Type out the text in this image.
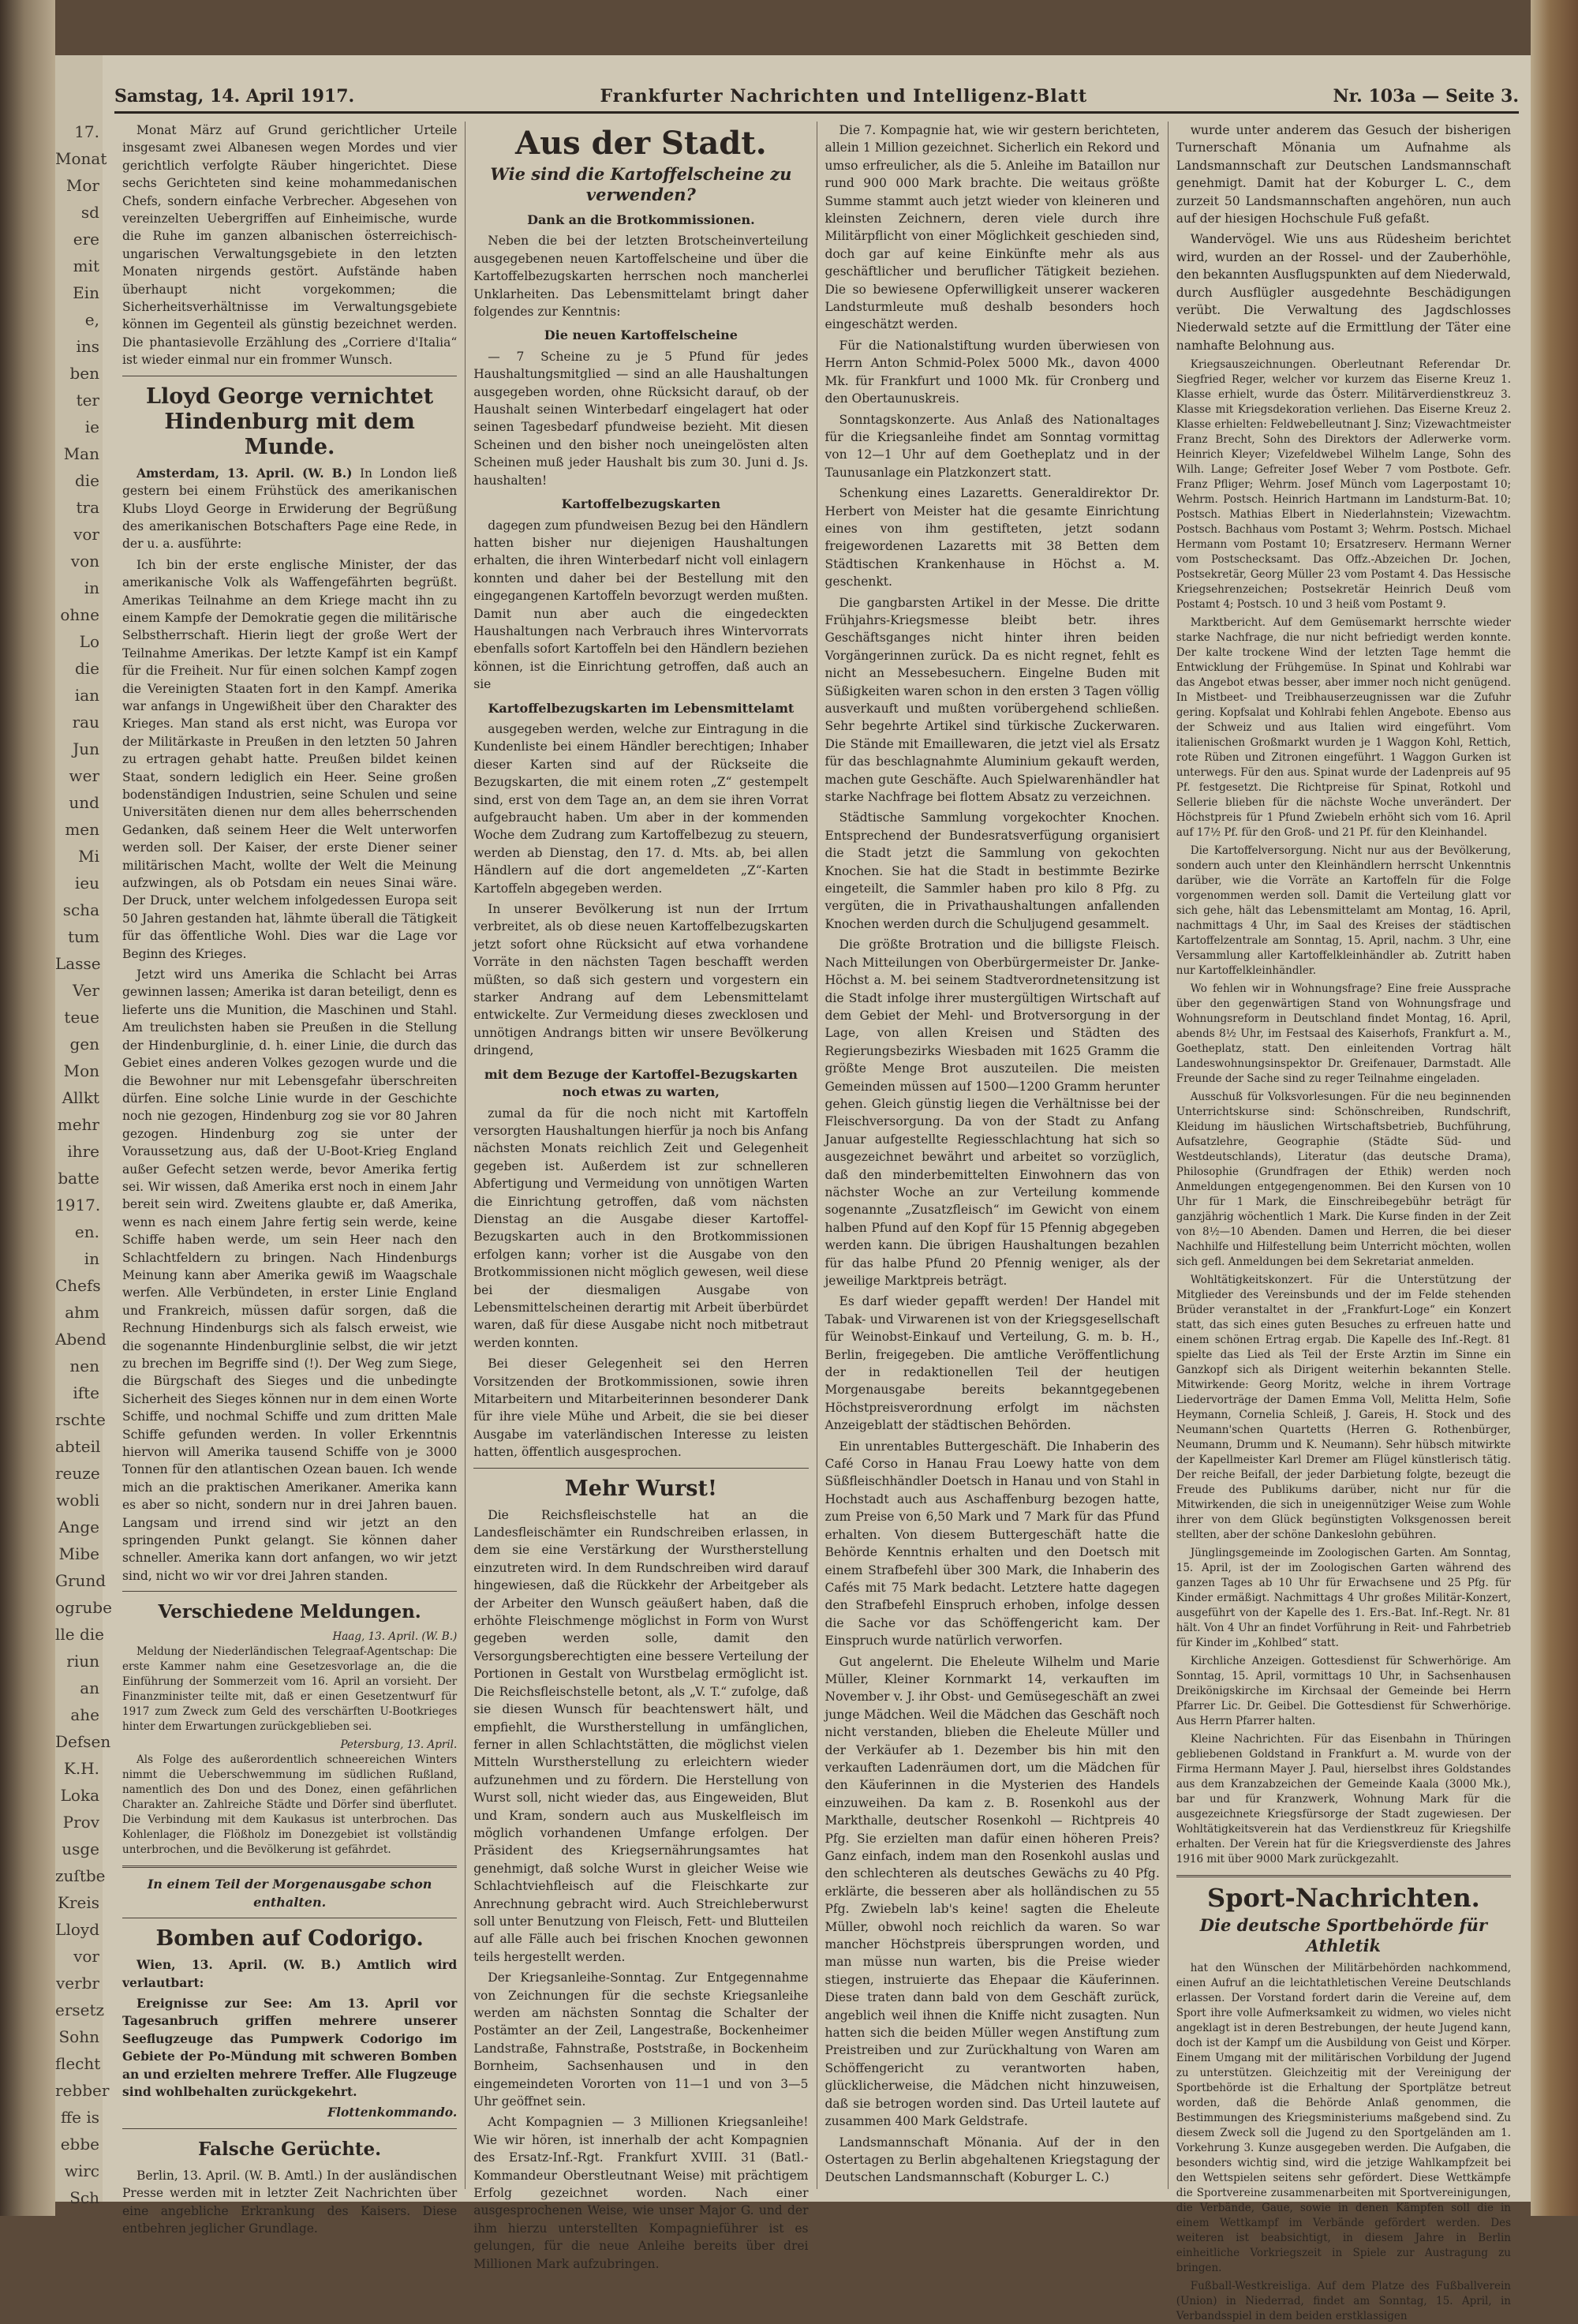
17.
Monat
Mor
sd
ere
mit
Ein
e,
ins
ben
ter
ie
Man
die
tra
vor
von
in
ohne
Lo
die
ian
rau
Jun
wer
und
men
Mi
ieu
scha
tum
Lasse
Ver
teue
gen
Mon
Allkt
mehr
ihre
batte
1917.
en.
in
Chefs
ahm
Abend
nen
ifte
rschte
abteil
reuze
wobli
Ange
Mibe
Grund
ogrube
lle die
riun
an
ahe
Defsen
K.H.
Loka
Prov
usge
zuſtbe
Kreis
Lloyd
vor
verbr
ersetz
Sohn
flecht
rebber
ffe is
ebbe
wirc
Sch
Samstag, 14. April 1917.	Frankfurter Nachrichten und Intelligenz-Blatt	Nr. 103a — Seite 3.

Monat März auf Grund gerichtlicher Urteile insgesamt zwei Albanesen wegen Mordes und vier gerichtlich verfolgte Räuber hingerichtet. Diese sechs Gerichteten sind keine mohammedanischen Chefs, sondern einfache Verbrecher. Abgesehen von vereinzelten Uebergriffen auf Einheimische, wurde die Ruhe im ganzen albanischen österreichisch-ungarischen Verwaltungsgebiete in den letzten Monaten nirgends gestört. Aufstände haben überhaupt nicht vorgekommen; die Sicherheitsverhältnisse im Verwaltungsgebiete können im Gegenteil als günstig bezeichnet werden. Die phantasievolle Erzählung des „Corriere d'Italia“ ist wieder einmal nur ein frommer Wunsch.

Lloyd George vernichtet Hindenburg mit dem Munde.

Amsterdam, 13. April. (W. B.) In London ließ gestern bei einem Frühstück des amerikanischen Klubs Lloyd George in Erwiderung der Begrüßung des amerikanischen Botschafters Page eine Rede, in der u. a. ausführte:

Ich bin der erste englische Minister, der das amerikanische Volk als Waffengefährten begrüßt. Amerikas Teilnahme an dem Kriege macht ihn zu einem Kampfe der Demokratie gegen die militärische Selbstherrschaft. Hierin liegt der große Wert der Teilnahme Amerikas. Der letzte Kampf ist ein Kampf für die Freiheit. Nur für einen solchen Kampf zogen die Vereinigten Staaten fort in den Kampf. Amerika war anfangs in Ungewißheit über den Charakter des Krieges. Man stand als erst nicht, was Europa vor der Militärkaste in Preußen in den letzten 50 Jahren zu ertragen gehabt hatte. Preußen bildet keinen Staat, sondern lediglich ein Heer. Seine großen bodenständigen Industrien, seine Schulen und seine Universitäten dienen nur dem alles beherrschenden Gedanken, daß seinem Heer die Welt unterworfen werden soll. Der Kaiser, der erste Diener seiner militärischen Macht, wollte der Welt die Meinung aufzwingen, als ob Potsdam ein neues Sinai wäre. Der Druck, unter welchem infolgedessen Europa seit 50 Jahren gestanden hat, lähmte überall die Tätigkeit für das öffentliche Wohl. Dies war die Lage vor Beginn des Krieges.

Jetzt wird uns Amerika die Schlacht bei Arras gewinnen lassen; Amerika ist daran beteiligt, denn es lieferte uns die Munition, die Maschinen und Stahl. Am treulichsten haben sie Preußen in die Stellung der Hindenburglinie, d. h. einer Linie, die durch das Gebiet eines anderen Volkes gezogen wurde und die die Bewohner nur mit Lebensgefahr überschreiten dürfen. Eine solche Linie wurde in der Geschichte noch nie gezogen, Hindenburg zog sie vor 80 Jahren gezogen. Hindenburg zog sie unter der Voraussetzung aus, daß der U-Boot-Krieg England außer Gefecht setzen werde, bevor Amerika fertig sei. Wir wissen, daß Amerika erst noch in einem Jahr bereit sein wird. Zweitens glaubte er, daß Amerika, wenn es nach einem Jahre fertig sein werde, keine Schiffe haben werde, um sein Heer nach den Schlachtfeldern zu bringen. Nach Hindenburgs Meinung kann aber Amerika gewiß im Waagschale werfen. Alle Verbündeten, in erster Linie England und Frankreich, müssen dafür sorgen, daß die Rechnung Hindenburgs sich als falsch erweist, wie die sogenannte Hindenburglinie selbst, die wir jetzt zu brechen im Begriffe sind (!). Der Weg zum Siege, die Bürgschaft des Sieges und die unbedingte Sicherheit des Sieges können nur in dem einen Worte Schiffe, und nochmal Schiffe und zum dritten Male Schiffe gefunden werden. In voller Erkenntnis hiervon will Amerika tausend Schiffe von je 3000 Tonnen für den atlantischen Ozean bauen. Ich wende mich an die praktischen Amerikaner. Amerika kann es aber so nicht, sondern nur in drei Jahren bauen. Langsam und irrend sind wir jetzt an den springenden Punkt gelangt. Sie können daher schneller. Amerika kann dort anfangen, wo wir jetzt sind, nicht wo wir vor drei Jahren standen.

Verschiedene Meldungen.
Haag, 13. April. (W. B.)

Meldung der Niederländischen Telegraaf-Agentschap: Die erste Kammer nahm eine Gesetzesvorlage an, die die Einführung der Sommerzeit vom 16. April an vorsieht. Der Finanzminister teilte mit, daß er einen Gesetzentwurf für 1917 zum Zweck zum Geld des verschärften U-Bootkrieges hinter dem Erwartungen zurückgeblieben sei.

Petersburg, 13. April.

Als Folge des außerordentlich schneereichen Winters nimmt die Ueberschwemmung im südlichen Rußland, namentlich des Don und des Donez, einen gefährlichen Charakter an. Zahlreiche Städte und Dörfer sind überflutet. Die Verbindung mit dem Kaukasus ist unterbrochen. Das Kohlenlager, die Flößholz im Donezgebiet ist vollständig unterbrochen, und die Bevölkerung ist gefährdet.

In einem Teil der Morgenausgabe schon enthalten.
Bomben auf Codorigo.

Wien, 13. April. (W. B.) Amtlich wird verlautbart:

Ereignisse zur See: Am 13. April vor Tagesanbruch griffen mehrere unserer Seeflugzeuge das Pumpwerk Codorigo im Gebiete der Po-Mündung mit schweren Bomben an und erzielten mehrere Treffer. Alle Flugzeuge sind wohlbehalten zurückgekehrt.

Flottenkommando.
Falsche Gerüchte.

Berlin, 13. April. (W. B. Amtl.) In der ausländischen Presse werden mit in letzter Zeit Nachrichten über eine angebliche Erkrankung des Kaisers. Diese entbehren jeglicher Grundlage.

Aus der Stadt.
Wie sind die Kartoffelscheine zu verwenden?
Dank an die Brotkommissionen.

Neben die bei der letzten Brotscheinverteilung ausgegebenen neuen Kartoffelscheine und über die Kartoffelbezugskarten herrschen noch mancherlei Unklarheiten. Das Lebensmittelamt bringt daher folgendes zur Kenntnis:

Die neuen Kartoffelscheine

— 7 Scheine zu je 5 Pfund für jedes Haushaltungsmitglied — sind an alle Haushaltungen ausgegeben worden, ohne Rücksicht darauf, ob der Haushalt seinen Winterbedarf eingelagert hat oder seinen Tagesbedarf pfundweise bezieht. Mit diesen Scheinen und den bisher noch uneingelösten alten Scheinen muß jeder Haushalt bis zum 30. Juni d. Js. haushalten!

Kartoffelbezugskarten

dagegen zum pfundweisen Bezug bei den Händlern hatten bisher nur diejenigen Haushaltungen erhalten, die ihren Winterbedarf nicht voll einlagern konnten und daher bei der Bestellung mit den eingegangenen Kartoffeln bevorzugt werden mußten. Damit nun aber auch die eingedeckten Haushaltungen nach Verbrauch ihres Wintervorrats ebenfalls sofort Kartoffeln bei den Händlern beziehen können, ist die Einrichtung getroffen, daß auch an sie

Kartoffelbezugskarten im Lebensmittelamt

ausgegeben werden, welche zur Eintragung in die Kundenliste bei einem Händler berechtigen; Inhaber dieser Karten sind auf der Rückseite die Bezugskarten, die mit einem roten „Z“ gestempelt sind, erst von dem Tage an, an dem sie ihren Vorrat aufgebraucht haben. Um aber in der kommenden Woche dem Zudrang zum Kartoffelbezug zu steuern, werden ab Dienstag, den 17. d. Mts. ab, bei allen Händlern auf die dort angemeldeten „Z“-Karten Kartoffeln abgegeben werden.

In unserer Bevölkerung ist nun der Irrtum verbreitet, als ob diese neuen Kartoffelbezugskarten jetzt sofort ohne Rücksicht auf etwa vorhandene Vorräte in den nächsten Tagen beschafft werden müßten, so daß sich gestern und vorgestern ein starker Andrang auf dem Lebensmittelamt entwickelte. Zur Vermeidung dieses zwecklosen und unnötigen Andrangs bitten wir unsere Bevölkerung dringend,

mit dem Bezuge der Kartoffel-Bezugskarten noch etwas zu warten,

zumal da für die noch nicht mit Kartoffeln versorgten Haushaltungen hierfür ja noch bis Anfang nächsten Monats reichlich Zeit und Gelegenheit gegeben ist. Außerdem ist zur schnelleren Abfertigung und Vermeidung von unnötigen Warten die Einrichtung getroffen, daß vom nächsten Dienstag an die Ausgabe dieser Kartoffel-Bezugskarten auch in den Brotkommissionen erfolgen kann; vorher ist die Ausgabe von den Brotkommissionen nicht möglich gewesen, weil diese bei der diesmaligen Ausgabe von Lebensmittelscheinen derartig mit Arbeit überbürdet waren, daß für diese Ausgabe nicht noch mitbetraut werden konnten.

Bei dieser Gelegenheit sei den Herren Vorsitzenden der Brotkommissionen, sowie ihren Mitarbeitern und Mitarbeiterinnen besonderer Dank für ihre viele Mühe und Arbeit, die sie bei dieser Ausgabe im vaterländischen Interesse zu leisten hatten, öffentlich ausgesprochen.

Mehr Wurst!

Die Reichsfleischstelle hat an die Landesfleischämter ein Rundschreiben erlassen, in dem sie eine Verstärkung der Wurstherstellung einzutreten wird. In dem Rundschreiben wird darauf hingewiesen, daß die Rückkehr der Arbeitgeber als der Arbeiter den Wunsch geäußert haben, daß die erhöhte Fleischmenge möglichst in Form von Wurst gegeben werden solle, damit den Versorgungsberechtigten eine bessere Verteilung der Portionen in Gestalt von Wurstbelag ermöglicht ist. Die Reichsfleischstelle betont, als „V. T.“ zufolge, daß sie diesen Wunsch für beachtenswert hält, und empfiehlt, die Wurstherstellung in umfänglichen, ferner in allen Schlachtstätten, die möglichst vielen Mitteln Wurstherstellung zu erleichtern wieder aufzunehmen und zu fördern. Die Herstellung von Wurst soll, nicht wieder das, aus Eingeweiden, Blut und Kram, sondern auch aus Muskelfleisch im möglich vorhandenen Umfange erfolgen. Der Präsident des Kriegsernährungsamtes hat genehmigt, daß solche Wurst in gleicher Weise wie Schlachtviehfleisch auf die Fleischkarte zur Anrechnung gebracht wird. Auch Streichleberwurst soll unter Benutzung von Fleisch, Fett- und Blutteilen auf alle Fälle auch bei frischen Knochen gewonnen teils hergestellt werden.

Der Kriegsanleihe-Sonntag. Zur Entgegennahme von Zeichnungen für die sechste Kriegsanleihe werden am nächsten Sonntag die Schalter der Postämter an der Zeil, Langestraße, Bockenheimer Landstraße, Fahnstraße, Poststraße, in Bockenheim Bornheim, Sachsenhausen und in den eingemeindeten Vororten von 11—1 und von 3—5 Uhr geöffnet sein.

Acht Kompagnien — 3 Millionen Kriegsanleihe! Wie wir hören, ist innerhalb der acht Kompagnien des Ersatz-Inf.-Rgt. Frankfurt XVIII. 31 (Batl.-Kommandeur Oberstleutnant Weise) mit prächtigem Erfolg gezeichnet worden. Nach einer ausgesprochenen Weise, wie unser Major G. und der ihm hierzu unterstellten Kompagnieführer ist es gelungen, für die neue Anleihe bereits über drei Millionen Mark aufzubringen.

Die 7. Kompagnie hat, wie wir gestern berichteten, allein 1 Million gezeichnet. Sicherlich ein Rekord und umso erfreulicher, als die 5. Anleihe im Bataillon nur rund 900 000 Mark brachte. Die weitaus größte Summe stammt auch jetzt wieder von kleineren und kleinsten Zeichnern, deren viele durch ihre Militärpflicht von einer Möglichkeit geschieden sind, doch gar auf keine Einkünfte mehr als aus geschäftlicher und beruflicher Tätigkeit beziehen. Die so bewiesene Opferwilligkeit unserer wackeren Landsturmleute muß deshalb besonders hoch eingeschätzt werden.

Für die Nationalstiftung wurden überwiesen von Herrn Anton Schmid-Polex 5000 Mk., davon 4000 Mk. für Frankfurt und 1000 Mk. für Cronberg und den Obertaunuskreis.

Sonntagskonzerte. Aus Anlaß des Nationaltages für die Kriegsanleihe findet am Sonntag vormittag von 12—1 Uhr auf dem Goetheplatz und in der Taunusanlage ein Platzkonzert statt.

Schenkung eines Lazaretts. Generaldirektor Dr. Herbert von Meister hat die gesamte Einrichtung eines von ihm gestifteten, jetzt sodann freigewordenen Lazaretts mit 38 Betten dem Städtischen Krankenhause in Höchst a. M. geschenkt.

Die gangbarsten Artikel in der Messe. Die dritte Frühjahrs-Kriegsmesse bleibt betr. ihres Geschäftsganges nicht hinter ihren beiden Vorgängerinnen zurück. Da es nicht regnet, fehlt es nicht an Messebesuchern. Eingelne Buden mit Süßigkeiten waren schon in den ersten 3 Tagen völlig ausverkauft und mußten vorübergehend schließen. Sehr begehrte Artikel sind türkische Zuckerwaren. Die Stände mit Emaillewaren, die jetzt viel als Ersatz für das beschlagnahmte Aluminium gekauft werden, machen gute Geschäfte. Auch Spielwarenhändler hat starke Nachfrage bei flottem Absatz zu verzeichnen.

Städtische Sammlung vorgekochter Knochen. Entsprechend der Bundesratsverfügung organisiert die Stadt jetzt die Sammlung von gekochten Knochen. Sie hat die Stadt in bestimmte Bezirke eingeteilt, die Sammler haben pro kilo 8 Pfg. zu vergüten, die in Privathaushaltungen anfallenden Knochen werden durch die Schuljugend gesammelt.

Die größte Brotration und die billigste Fleisch. Nach Mitteilungen von Oberbürgermeister Dr. Janke-Höchst a. M. bei seinem Stadtverordnetensitzung ist die Stadt infolge ihrer mustergültigen Wirtschaft auf dem Gebiet der Mehl- und Brotversorgung in der Lage, von allen Kreisen und Städten des Regierungsbezirks Wiesbaden mit 1625 Gramm die größte Menge Brot auszuteilen. Die meisten Gemeinden müssen auf 1500—1200 Gramm herunter gehen. Gleich günstig liegen die Verhältnisse bei der Fleischversorgung. Da von der Stadt zu Anfang Januar aufgestellte Regiesschlachtung hat sich so ausgezeichnet bewährt und arbeitet so vorzüglich, daß den minderbemittelten Einwohnern das von nächster Woche an zur Verteilung kommende sogenannte „Zusatzfleisch“ im Gewicht von einem halben Pfund auf den Kopf für 15 Pfennig abgegeben werden kann. Die übrigen Haushaltungen bezahlen für das halbe Pfund 20 Pfennig weniger, als der jeweilige Marktpreis beträgt.

Es darf wieder gepafft werden! Der Handel mit Tabak- und Virwarenen ist von der Kriegsgesellschaft für Weinobst-Einkauf und Verteilung, G. m. b. H., Berlin, freigegeben. Die amtliche Veröffentlichung der in redaktionellen Teil der heutigen Morgenausgabe bereits bekanntgegebenen Höchstpreisverordnung erfolgt im nächsten Anzeigeblatt der städtischen Behörden.

Ein unrentables Buttergeschäft. Die Inhaberin des Café Corso in Hanau Frau Loewy hatte von dem Süßfleischhändler Doetsch in Hanau und von Stahl in Hochstadt auch aus Aschaffenburg bezogen hatte, zum Preise von 6,50 Mark und 7 Mark für das Pfund erhalten. Von diesem Buttergeschäft hatte die Behörde Kenntnis erhalten und den Doetsch mit einem Strafbefehl über 300 Mark, die Inhaberin des Cafés mit 75 Mark bedacht. Letztere hatte dagegen den Strafbefehl Einspruch erhoben, infolge dessen die Sache vor das Schöffengericht kam. Der Einspruch wurde natürlich verworfen.

Gut angelernt. Die Eheleute Wilhelm und Marie Müller, Kleiner Kornmarkt 14, verkauften im November v. J. ihr Obst- und Gemüsegeschäft an zwei junge Mädchen. Weil die Mädchen das Geschäft noch nicht verstanden, blieben die Eheleute Müller und der Verkäufer ab 1. Dezember bis hin mit den verkauften Ladenräumen dort, um die Mädchen für den Käuferinnen in die Mysterien des Handels einzuweihen. Da kam z. B. Rosenkohl aus der Markthalle, deutscher Rosenkohl — Richtpreis 40 Pfg. Sie erzielten man dafür einen höheren Preis? Ganz einfach, indem man den Rosenkohl auslas und den schlechteren als deutsches Gewächs zu 40 Pfg. erklärte, die besseren aber als holländischen zu 55 Pfg. Zwiebeln lab's keine! sagten die Eheleute Müller, obwohl noch reichlich da waren. So war mancher Höchstpreis übersprungen worden, und man müsse nun warten, bis die Preise wieder stiegen, instruierte das Ehepaar die Käuferinnen. Diese traten dann bald von dem Geschäft zurück, angeblich weil ihnen die Kniffe nicht zusagten. Nun hatten sich die beiden Müller wegen Anstiftung zum Preistreiben und zur Zurückhaltung von Waren am Schöffengericht zu verantworten haben, glücklicherweise, die Mädchen nicht hinzuweisen, daß sie betrogen worden sind. Das Urteil lautete auf zusammen 400 Mark Geldstrafe.

Landsmannschaft Mönania. Auf der in den Ostertagen zu Berlin abgehaltenen Kriegstagung der Deutschen Landsmannschaft (Koburger L. C.)

wurde unter anderem das Gesuch der bisherigen Turnerschaft Mönania um Aufnahme als Landsmannschaft zur Deutschen Landsmannschaft genehmigt. Damit hat der Koburger L. C., dem zurzeit 50 Landsmannschaften angehören, nun auch auf der hiesigen Hochschule Fuß gefaßt.

Wandervögel. Wie uns aus Rüdesheim berichtet wird, wurden an der Rossel- und der Zauberhöhle, den bekannten Ausflugspunkten auf dem Niederwald, durch Ausflügler ausgedehnte Beschädigungen verübt. Die Verwaltung des Jagdschlosses Niederwald setzte auf die Ermittlung der Täter eine namhafte Belohnung aus.

Kriegsauszeichnungen. Oberleutnant Referendar Dr. Siegfried Reger, welcher vor kurzem das Eiserne Kreuz 1. Klasse erhielt, wurde das Österr. Militärverdienstkreuz 3. Klasse mit Kriegsdekoration verliehen. Das Eiserne Kreuz 2. Klasse erhielten: Feldwebelleutnant J. Sinz; Vizewachtmeister Franz Brecht, Sohn des Direktors der Adlerwerke vorm. Heinrich Kleyer; Vizefeldwebel Wilhelm Lange, Sohn des Wilh. Lange; Gefreiter Josef Weber 7 vom Postbote. Gefr. Franz Pfliger; Wehrm. Josef Münch vom Lagerpostamt 10; Wehrm. Postsch. Heinrich Hartmann im Landsturm-Bat. 10; Postsch. Mathias Elbert in Niederlahnstein; Vizewachtm. Postsch. Bachhaus vom Postamt 3; Wehrm. Postsch. Michael Hermann vom Postamt 10; Ersatzreserv. Hermann Werner vom Postschecksamt. Das Offz.-Abzeichen Dr. Jochen, Postsekretär, Georg Müller 23 vom Postamt 4. Das Hessische Kriegsehrenzeichen; Postsekretär Heinrich Deuß vom Postamt 4; Postsch. 10 und 3 heiß vom Postamt 9.

Marktbericht. Auf dem Gemüsemarkt herrschte wieder starke Nachfrage, die nur nicht befriedigt werden konnte. Der kalte trockene Wind der letzten Tage hemmt die Entwicklung der Frühgemüse. In Spinat und Kohlrabi war das Angebot etwas besser, aber immer noch nicht genügend. In Mistbeet- und Treibhauserzeugnissen war die Zufuhr gering. Kopfsalat und Kohlrabi fehlen Angebote. Ebenso aus der Schweiz und aus Italien wird eingeführt. Vom italienischen Großmarkt wurden je 1 Waggon Kohl, Rettich, rote Rüben und Zitronen eingeführt. 1 Waggon Gurken ist unterwegs. Für den aus. Spinat wurde der Ladenpreis auf 95 Pf. festgesetzt. Die Richtpreise für Spinat, Rotkohl und Sellerie blieben für die nächste Woche unverändert. Der Höchstpreis für 1 Pfund Zwiebeln erhöht sich vom 16. April auf 17½ Pf. für den Groß- und 21 Pf. für den Kleinhandel.

Die Kartoffelversorgung. Nicht nur aus der Bevölkerung, sondern auch unter den Kleinhändlern herrscht Unkenntnis darüber, wie die Vorräte an Kartoffeln für die Folge vorgenommen werden soll. Damit die Verteilung glatt vor sich gehe, hält das Lebensmittelamt am Montag, 16. April, nachmittags 4 Uhr, im Saal des Kreises der städtischen Kartoffelzentrale am Sonntag, 15. April, nachm. 3 Uhr, eine Versammlung aller Kartoffelkleinhändler ab. Zutritt haben nur Kartoffelkleinhändler.

Wo fehlen wir in Wohnungsfrage? Eine freie Aussprache über den gegenwärtigen Stand von Wohnungsfrage und Wohnungsreform in Deutschland findet Montag, 16. April, abends 8½ Uhr, im Festsaal des Kaiserhofs, Frankfurt a. M., Goetheplatz, statt. Den einleitenden Vortrag hält Landeswohnungsinspektor Dr. Greifenauer, Darmstadt. Alle Freunde der Sache sind zu reger Teilnahme eingeladen.

Ausschuß für Volksvorlesungen. Für die neu beginnenden Unterrichtskurse sind: Schönschreiben, Rundschrift, Kleidung im häuslichen Wirtschaftsbetrieb, Buchführung, Aufsatzlehre, Geographie (Städte Süd- und Westdeutschlands), Literatur (das deutsche Drama), Philosophie (Grundfragen der Ethik) werden noch Anmeldungen entgegengenommen. Bei den Kursen von 10 Uhr für 1 Mark, die Einschreibegebühr beträgt für ganzjährig wöchentlich 1 Mark. Die Kurse finden in der Zeit von 8½—10 Abenden. Damen und Herren, die bei dieser Nachhilfe und Hilfestellung beim Unterricht möchten, wollen sich gefl. Anmeldungen bei dem Sekretariat anmelden.

Wohltätigkeitskonzert. Für die Unterstützung der Mitglieder des Vereinsbunds und der im Felde stehenden Brüder veranstaltet in der „Frankfurt-Loge“ ein Konzert statt, das sich eines guten Besuches zu erfreuen hatte und einem schönen Ertrag ergab. Die Kapelle des Inf.-Regt. 81 spielte das Lied als Teil der Erste Arztin im Sinne ein Ganzkopf sich als Dirigent weiterhin bekannten Stelle. Mitwirkende: Georg Moritz, welche in ihrem Vortrage Liedervorträge der Damen Emma Voll, Melitta Helm, Sofie Heymann, Cornelia Schleiß, J. Gareis, H. Stock und des Neumann'schen Quartetts (Herren G. Rothenbürger, Neumann, Drumm und K. Neumann). Sehr hübsch mitwirkte der Kapellmeister Karl Dremer am Flügel künstlerisch tätig. Der reiche Beifall, der jeder Darbietung folgte, bezeugt die Freude des Publikums darüber, nicht nur für die Mitwirkenden, die sich in uneigennütziger Weise zum Wohle ihrer von dem Glück begünstigten Volksgenossen bereit stellten, aber der schöne Dankeslohn gebühren.

Jünglingsgemeinde im Zoologischen Garten. Am Sonntag, 15. April, ist der im Zoologischen Garten während des ganzen Tages ab 10 Uhr für Erwachsene und 25 Pfg. für Kinder ermäßigt. Nachmittags 4 Uhr großes Militär-Konzert, ausgeführt von der Kapelle des 1. Ers.-Bat. Inf.-Regt. Nr. 81 hält. Von 4 Uhr an findet Vorführung in Reit- und Fahrbetrieb für Kinder im „Kohlbed“ statt.

Kirchliche Anzeigen. Gottesdienst für Schwerhörige. Am Sonntag, 15. April, vormittags 10 Uhr, in Sachsenhausen Dreikönigskirche im Kirchsaal der Gemeinde bei Herrn Pfarrer Lic. Dr. Geibel. Die Gottesdienst für Schwerhörige. Aus Herrn Pfarrer halten.

Kleine Nachrichten. Für das Eisenbahn in Thüringen gebliebenen Goldstand in Frankfurt a. M. wurde von der Firma Hermann Mayer J. Paul, hierselbst ihres Goldstandes aus dem Kranzabzeichen der Gemeinde Kaala (3000 Mk.), bar und für Kranzwerk, Wohnung Mark für die ausgezeichnete Kriegsfürsorge der Stadt zugewiesen. Der Wohltätigkeitsverein hat das Verdienstkreuz für Kriegshilfe erhalten. Der Verein hat für die Kriegsverdienste des Jahres 1916 mit über 9000 Mark zurückgezahlt.

Sport-Nachrichten.
Die deutsche Sportbehörde für Athletik

hat den Wünschen der Militärbehörden nachkommend, einen Aufruf an die leichtathletischen Vereine Deutschlands erlassen. Der Vorstand fordert darin die Vereine auf, dem Sport ihre volle Aufmerksamkeit zu widmen, wo vieles nicht angeklagt ist in deren Bestrebungen, der heute Jugend kann, doch ist der Kampf um die Ausbildung von Geist und Körper. Einem Umgang mit der militärischen Vorbildung der Jugend zu unterstützen. Gleichzeitig mit der Vereinigung der Sportbehörde ist die Erhaltung der Sportplätze betreut worden, daß die Behörde Anlaß genommen, die Bestimmungen des Kriegsministeriums maßgebend sind. Zu diesem Zweck soll die Jugend zu den Sportgeländen am 1. Vorkehrung 3. Kunze ausgegeben werden. Die Aufgaben, die besonders wichtig sind, wird die jetzige Wahlkampfzeit bei den Wettspielen seitens sehr gefördert. Diese Wettkämpfe die Sportvereine zusammenarbeiten mit Sportvereinigungen, die Verbände, Gaue, sowie in denen Kämpfen soll die in einem Wettkampf im Verbände gefördert werden. Des weiteren ist beabsichtigt, in diesem Jahre in Berlin einheitliche Vorkriegszeit in Spiele zur Austragung zu bringen.

Fußball-Westkreisliga. Auf dem Platze des Fußballverein (Union) in Niederrad, findet am Sonntag, 15. April, in Verbandsspiel in dem beiden erstklassigen
